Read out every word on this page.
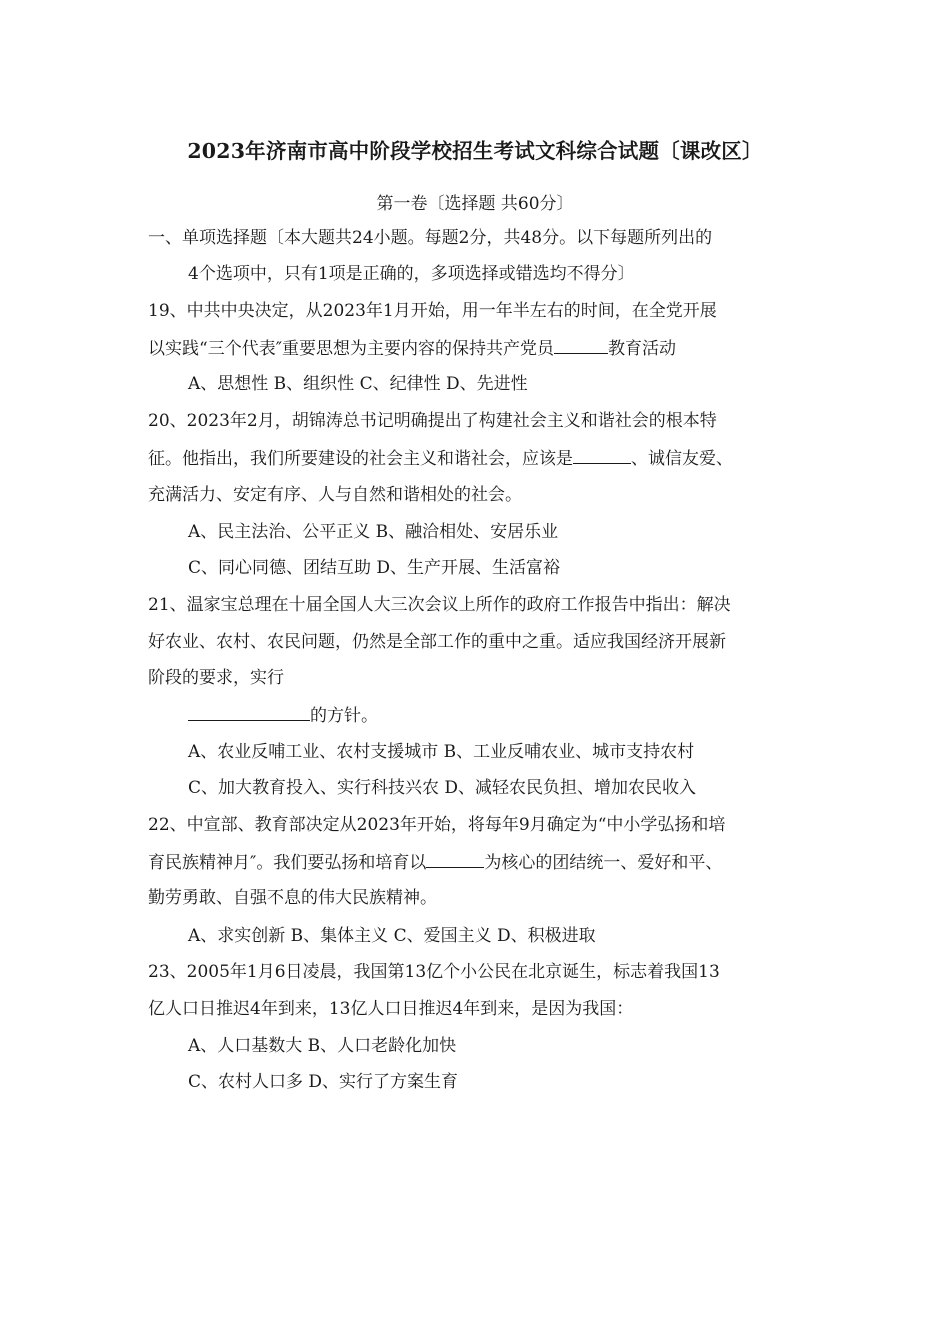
2023年济南市高中阶段学校招生考试文科综合试题〔课改区〕
第一卷〔选择题 共60分〕
一、单项选择题〔本大题共24小题。每题2分，共48分。以下每题所列出的
4个选项中，只有1项是正确的，多项选择或错选均不得分〕
19、中共中央决定，从2023年1月开始，用一年半左右的时间，在全党开展
以实践“三个代表″重要思想为主要内容的保持共产党员	教育活动
A、思想性 B、组织性 C、纪律性 D、先进性
20、2023年2月，胡锦涛总书记明确提出了构建社会主义和谐社会的根本特
征。他指出，我们所要建设的社会主义和谐社会，应该是	、诚信友爱、
充满活力、安定有序、人与自然和谐相处的社会。
A、民主法治、公平正义 B、融洽相处、安居乐业
C、同心同德、团结互助 D、生产开展、生活富裕
21、温家宝总理在十届全国人大三次会议上所作的政府工作报告中指出：解决
好农业、农村、农民问题，仍然是全部工作的重中之重。适应我国经济开展新
阶段的要求，实行
的方针。
A、农业反哺工业、农村支援城市 B、工业反哺农业、城市支持农村
C、加大教育投入、实行科技兴农 D、减轻农民负担、增加农民收入
22、中宣部、教育部决定从2023年开始，将每年9月确定为“中小学弘扬和培
育民族精神月″。我们要弘扬和培育以	为核心的团结统一、爱好和平、
勤劳勇敢、自强不息的伟大民族精神。
A、求实创新 B、集体主义 C、爱国主义 D、积极进取
23、2005年1月6日凌晨，我国第13亿个小公民在北京诞生，标志着我国13
亿人口日推迟4年到来，13亿人口日推迟4年到来，是因为我国：
A、人口基数大 B、人口老龄化加快
C、农村人口多 D、实行了方案生育
